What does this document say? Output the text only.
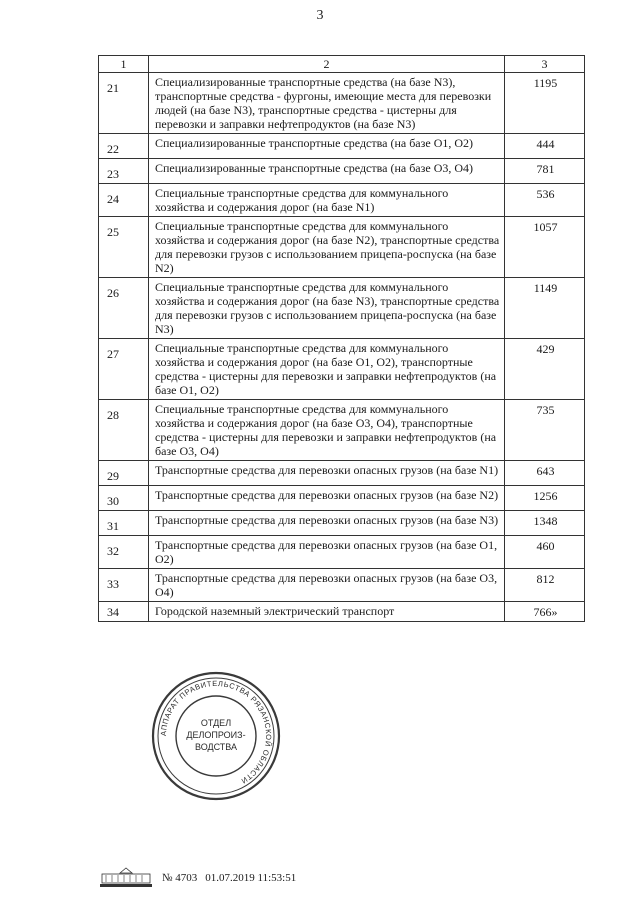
3
1	2	3
21	Специализированные транспортные средства (на базе N3), транспортные средства - фургоны, имеющие места для перевозки людей (на базе N3), транспортные средства - цистерны для перевозки и заправки нефтепродуктов (на базе N3)	1195
22	Специализированные транспортные средства (на базе O1, O2)	444
23	Специализированные транспортные средства (на базе O3, O4)	781
24	Специальные транспортные средства для коммунального хозяйства и содержания дорог (на базе N1)	536
25	Специальные транспортные средства для коммунального хозяйства и содержания дорог (на базе N2), транспортные средства для перевозки грузов с использованием прицепа-роспуска (на базе N2)	1057
26	Специальные транспортные средства для коммунального хозяйства и содержания дорог (на базе N3), транспортные средства для перевозки грузов с использованием прицепа-роспуска (на базе N3)	1149
27	Специальные транспортные средства для коммунального хозяйства и содержания дорог (на базе O1, O2), транспортные средства - цистерны для перевозки и заправки нефтепродуктов (на базе O1, O2)	429
28	Специальные транспортные средства для коммунального хозяйства и содержания дорог (на базе O3, O4), транспортные средства - цистерны для перевозки и заправки нефтепродуктов (на базе O3, O4)	735
29	Транспортные средства для перевозки опасных грузов (на базе N1)	643
30	Транспортные средства для перевозки опасных грузов (на базе N2)	1256
31	Транспортные средства для перевозки опасных грузов (на базе N3)	1348
32	Транспортные средства для перевозки опасных грузов (на базе O1, O2)	460
33	Транспортные средства для перевозки опасных грузов (на базе O3, O4)	812
34	Городской наземный электрический транспорт	766»
АППАРАТ ПРАВИТЕЛЬСТВА РЯЗАНСКОЙ ОБЛАСТИ
ОТДЕЛ
ДЕЛОПРОИЗ-
ВОДСТВА
№ 4703 01.07.2019 11:53:51
